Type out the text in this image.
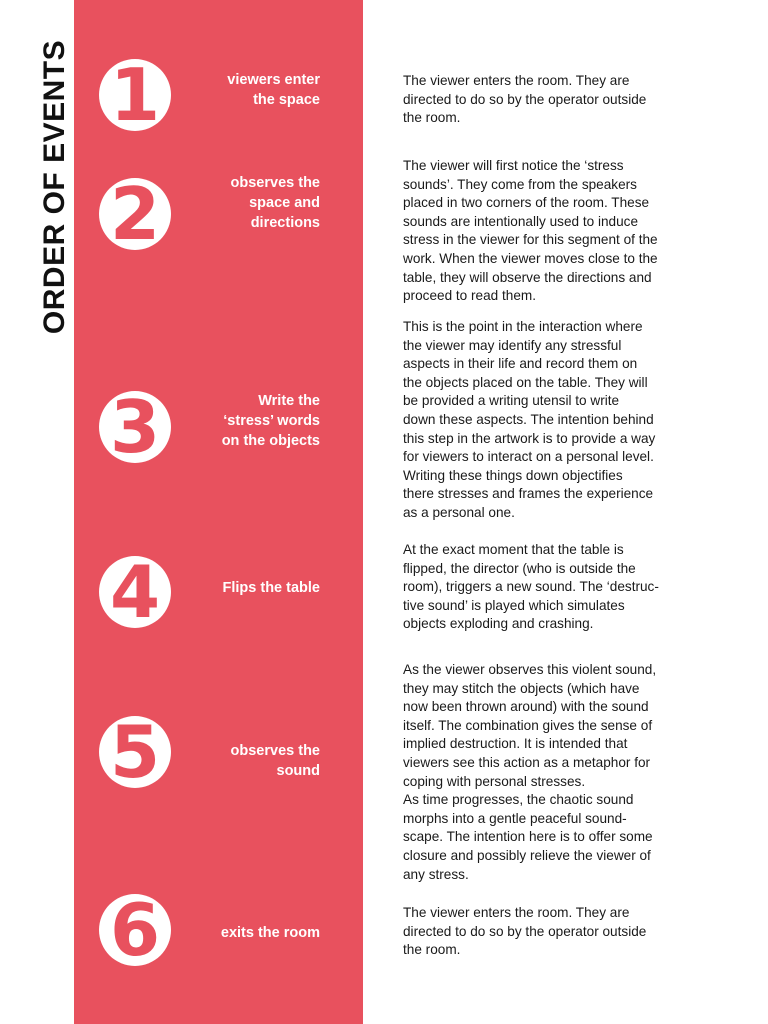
ORDER OF EVENTS 1	viewers enter
the space
The viewer enters the room. They are
directed to do so by the operator outside
the room.
2	observes the
space and
directions
The viewer will first notice the ‘stress
sounds’. They come from the speakers
placed in two corners of the room. These
sounds are intentionally used to induce
stress in the viewer for this segment of the
work. When the viewer moves close to the
table, they will observe the directions and
proceed to read them.
3	Write the
‘stress’ words
on the objects
This is the point in the interaction where
the viewer may identify any stressful
aspects in their life and record them on
the objects placed on the table. They will
be provided a writing utensil to write
down these aspects. The intention behind
this step in the artwork is to provide a way
for viewers to interact on a personal level.
Writing these things down objectifies
there stresses and frames the experience
as a personal one.
4	Flips the table
At the exact moment that the table is
flipped, the director (who is outside the
room), triggers a new sound. The ‘destruc-
tive sound’ is played which simulates
objects exploding and crashing.
5	observes the
sound
As the viewer observes this violent sound,
they may stitch the objects (which have
now been thrown around) with the sound
itself. The combination gives the sense of
implied destruction. It is intended that
viewers see this action as a metaphor for
coping with personal stresses.
As time progresses, the chaotic sound
morphs into a gentle peaceful sound-
scape. The intention here is to offer some
closure and possibly relieve the viewer of
any stress.
6	exits the room
The viewer enters the room. They are
directed to do so by the operator outside
the room.
